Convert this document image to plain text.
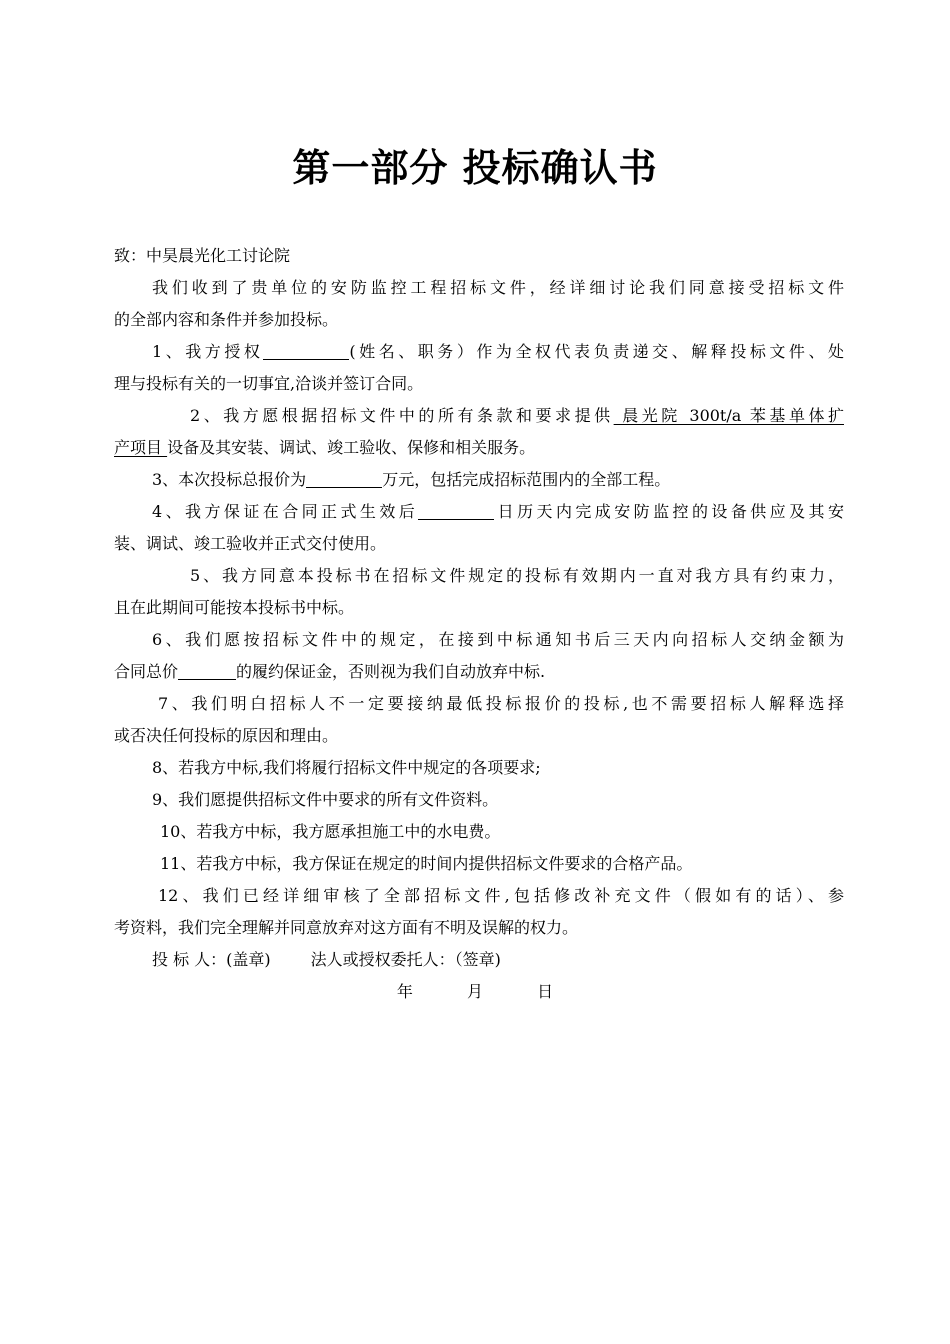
第一部分 投标确认书
致：中昊晨光化工讨论院
我们收到了贵单位的安防监控工程招标文件，经详细讨论我们同意接受招标文件
的全部内容和条件并参加投标。
1、我方授权	(姓名、职务）作为全权代表负责递交、解释投标文件、处
理与投标有关的一切事宜,洽谈并签订合同。
2、我方愿根据招标文件中的所有条款和要求提供 晨光院 300t/a 苯基单体扩
产项目 设备及其安装、调试、竣工验收、保修和相关服务。
3、本次投标总报价为	万元，包括完成招标范围内的全部工程。
4、我方保证在合同正式生效后	日历天内完成安防监控的设备供应及其安
装、调试、竣工验收并正式交付使用。
5、我方同意本投标书在招标文件规定的投标有效期内一直对我方具有约束力，
且在此期间可能按本投标书中标。
6、我们愿按招标文件中的规定，在接到中标通知书后三天内向招标人交纳金额为
合同总价	的履约保证金，否则视为我们自动放弃中标.
7、我们明白招标人不一定要接纳最低投标报价的投标,也不需要招标人解释选择
或否决任何投标的原因和理由。
8、若我方中标,我们将履行招标文件中规定的各项要求;
9、我们愿提供招标文件中要求的所有文件资料。
10、若我方中标，我方愿承担施工中的水电费。
11、若我方中标，我方保证在规定的时间内提供招标文件要求的合格产品。
12、我们已经详细审核了全部招标文件,包括修改补充文件（假如有的话）、参
考资料，我们完全理解并同意放弃对这方面有不明及误解的权力。
投 标 人：(盖章)	法人或授权委托人：（签章)
年  月  日
